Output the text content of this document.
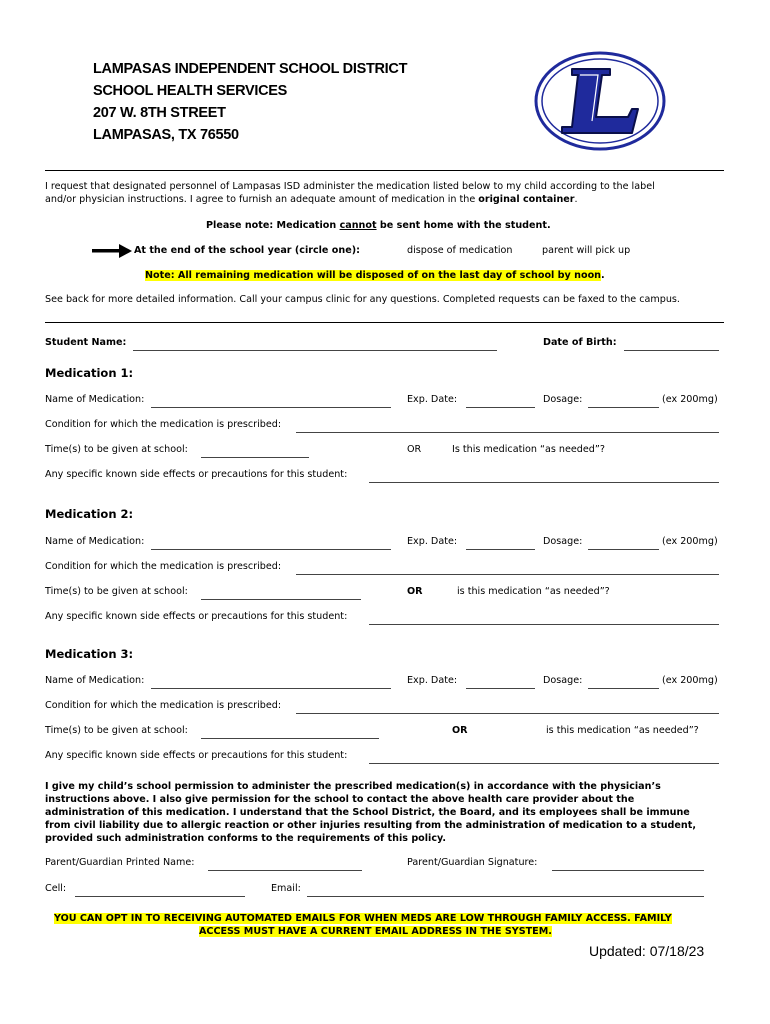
LAMPASAS INDEPENDENT SCHOOL DISTRICT
SCHOOL HEALTH SERVICES
207 W. 8TH STREET
LAMPASAS, TX 76550
I request that designated personnel of Lampasas ISD administer the medication listed below to my child according to the label
and/or physician instructions. I agree to furnish an adequate amount of medication in the original container.
Please note: Medication cannot be sent home with the student.
At the end of the school year (circle one):	dispose of medication	parent will pick up
Note: All remaining medication will be disposed of on the last day of school by noon.
See back for more detailed information. Call your campus clinic for any questions. Completed requests can be faxed to the campus.
Student Name:	Date of Birth:
Medication 1:
Name of Medication:	Exp. Date:	Dosage:	(ex 200mg)
Condition for which the medication is prescribed:
Time(s) to be given at school:	OR	Is this medication “as needed”?
Any specific known side effects or precautions for this student:
Medication 2:
Name of Medication:	Exp. Date:	Dosage:	(ex 200mg)
Condition for which the medication is prescribed:
Time(s) to be given at school:	OR	is this medication “as needed”?
Any specific known side effects or precautions for this student:
Medication 3:
Name of Medication:	Exp. Date:	Dosage:	(ex 200mg)
Condition for which the medication is prescribed:
Time(s) to be given at school:	OR	is this medication “as needed”?
Any specific known side effects or precautions for this student:
I give my child’s school permission to administer the prescribed medication(s) in accordance with the physician’s
instructions above. I also give permission for the school to contact the above health care provider about the
administration of this medication. I understand that the School District, the Board, and its employees shall be immune
from civil liability due to allergic reaction or other injuries resulting from the administration of medication to a student,
provided such administration conforms to the requirements of this policy.
Parent/Guardian Printed Name:	Parent/Guardian Signature:
Cell:	Email:
YOU CAN OPT IN TO RECEIVING AUTOMATED EMAILS FOR WHEN MEDS ARE LOW THROUGH FAMILY ACCESS. FAMILY
ACCESS MUST HAVE A CURRENT EMAIL ADDRESS IN THE SYSTEM.
Updated: 07/18/23
